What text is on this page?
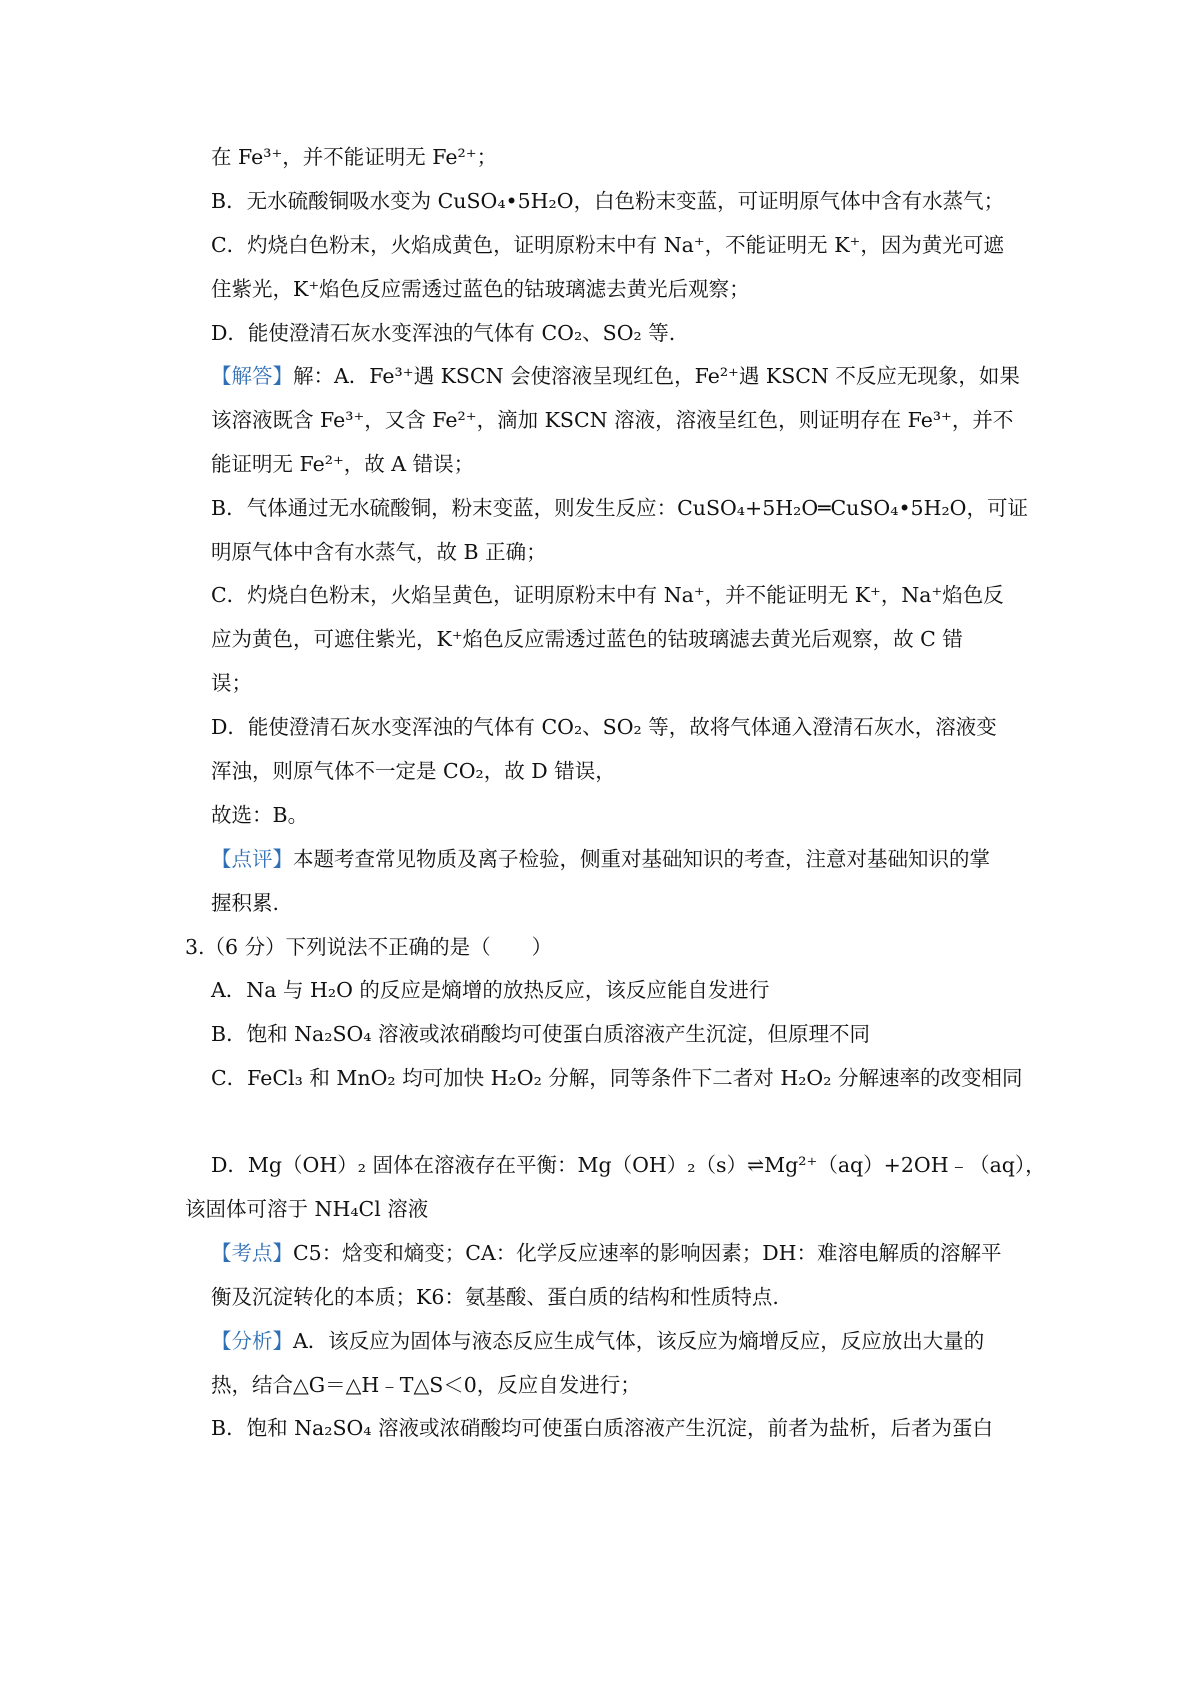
在 Fe³⁺，并不能证明无 Fe²⁺；
B．无水硫酸铜吸水变为 CuSO₄•5H₂O，白色粉末变蓝，可证明原气体中含有水蒸气；
C．灼烧白色粉末，火焰成黄色，证明原粉末中有 Na⁺，不能证明无 K⁺，因为黄光可遮
住紫光，K⁺焰色反应需透过蓝色的钴玻璃滤去黄光后观察；
D．能使澄清石灰水变浑浊的气体有 CO₂、SO₂ 等.
【解答】解：A．Fe³⁺遇 KSCN 会使溶液呈现红色，Fe²⁺遇 KSCN 不反应无现象，如果
该溶液既含 Fe³⁺，又含 Fe²⁺，滴加 KSCN 溶液，溶液呈红色，则证明存在 Fe³⁺，并不
能证明无 Fe²⁺，故 A 错误；
B．气体通过无水硫酸铜，粉末变蓝，则发生反应：CuSO₄+5H₂O═CuSO₄•5H₂O，可证
明原气体中含有水蒸气，故 B 正确；
C．灼烧白色粉末，火焰呈黄色，证明原粉末中有 Na⁺，并不能证明无 K⁺，Na⁺焰色反
应为黄色，可遮住紫光，K⁺焰色反应需透过蓝色的钴玻璃滤去黄光后观察，故 C 错
误；
D．能使澄清石灰水变浑浊的气体有 CO₂、SO₂ 等，故将气体通入澄清石灰水，溶液变
浑浊，则原气体不一定是 CO₂，故 D 错误，
故选：B。
【点评】本题考查常见物质及离子检验，侧重对基础知识的考查，注意对基础知识的掌
握积累.
3.（6 分）下列说法不正确的是（　　）
A．Na 与 H₂O 的反应是熵增的放热反应，该反应能自发进行
B．饱和 Na₂SO₄ 溶液或浓硝酸均可使蛋白质溶液产生沉淀，但原理不同
C．FeCl₃ 和 MnO₂ 均可加快 H₂O₂ 分解，同等条件下二者对 H₂O₂ 分解速率的改变相同
D．Mg（OH）₂ 固体在溶液存在平衡：Mg（OH）₂（s）⇌Mg²⁺（aq）+2OH﹣（aq），
该固体可溶于 NH₄Cl 溶液
【考点】C5：焓变和熵变；CA：化学反应速率的影响因素；DH：难溶电解质的溶解平
衡及沉淀转化的本质；K6：氨基酸、蛋白质的结构和性质特点.
【分析】A．该反应为固体与液态反应生成气体，该反应为熵增反应，反应放出大量的
热，结合△G＝△H﹣T△S＜0，反应自发进行；
B．饱和 Na₂SO₄ 溶液或浓硝酸均可使蛋白质溶液产生沉淀，前者为盐析，后者为蛋白
